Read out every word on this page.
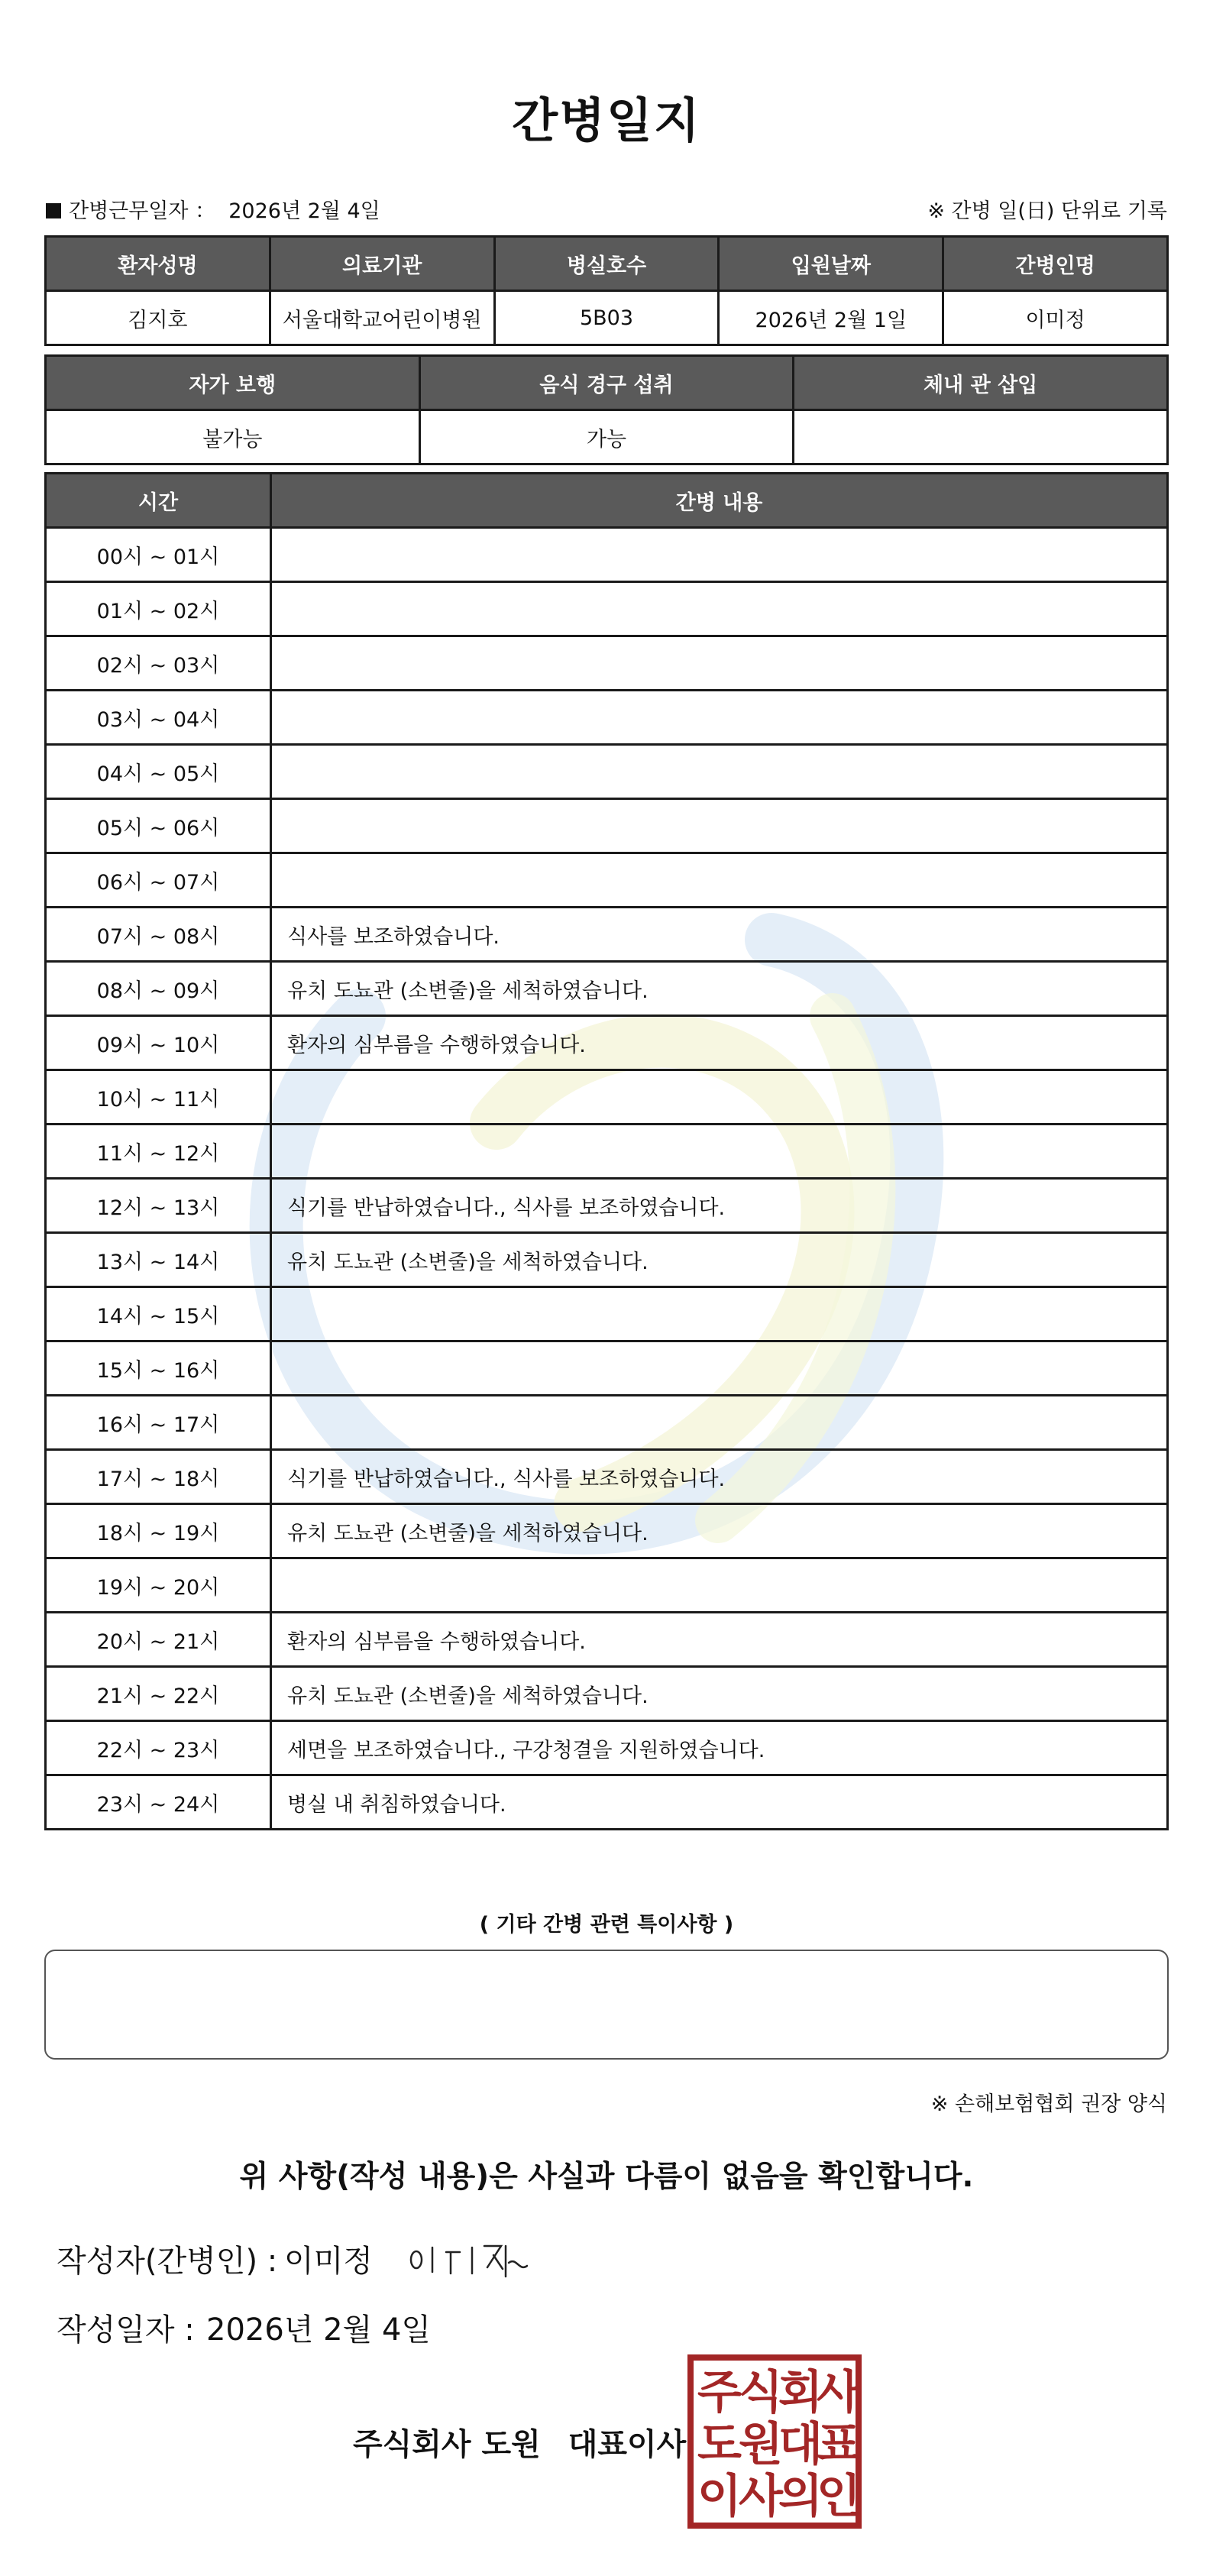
간병일지
간병근무일자 ： 2026년 2월 4일	※ 간병 일(日) 단위로 기록
환자성명	의료기관	병실호수	입원날짜	간병인명
김지호	서울대학교어린이병원	5B03	2026년 2월 1일	이미정
자가 보행	음식 경구 섭취	체내 관 삽입
불가능	가능	
시간	간병 내용
00시 ~ 01시	
01시 ~ 02시	
02시 ~ 03시	
03시 ~ 04시	
04시 ~ 05시	
05시 ~ 06시	
06시 ~ 07시	
07시 ~ 08시	식사를 보조하였습니다.
08시 ~ 09시	유치 도뇨관 (소변줄)을 세척하였습니다.
09시 ~ 10시	환자의 심부름을 수행하였습니다.
10시 ~ 11시	
11시 ~ 12시	
12시 ~ 13시	식기를 반납하였습니다., 식사를 보조하였습니다.
13시 ~ 14시	유치 도뇨관 (소변줄)을 세척하였습니다.
14시 ~ 15시	
15시 ~ 16시	
16시 ~ 17시	
17시 ~ 18시	식기를 반납하였습니다., 식사를 보조하였습니다.
18시 ~ 19시	유치 도뇨관 (소변줄)을 세척하였습니다.
19시 ~ 20시	
20시 ~ 21시	환자의 심부름을 수행하였습니다.
21시 ~ 22시	유치 도뇨관 (소변줄)을 세척하였습니다.
22시 ~ 23시	세면을 보조하였습니다., 구강청결을 지원하였습니다.
23시 ~ 24시	병실 내 취침하였습니다.
( 기타 간병 관련 특이사항 )
※ 손해보험협회 권장 양식
위 사항(작성 내용)은 사실과 다름이 없음을 확인합니다.
작성자(간병인) : 이미정
작성일자 : 2026년 2월 4일
주식회사 도원 대표이사
주
식
회
사
도
원
대
표
이
사
의
인
